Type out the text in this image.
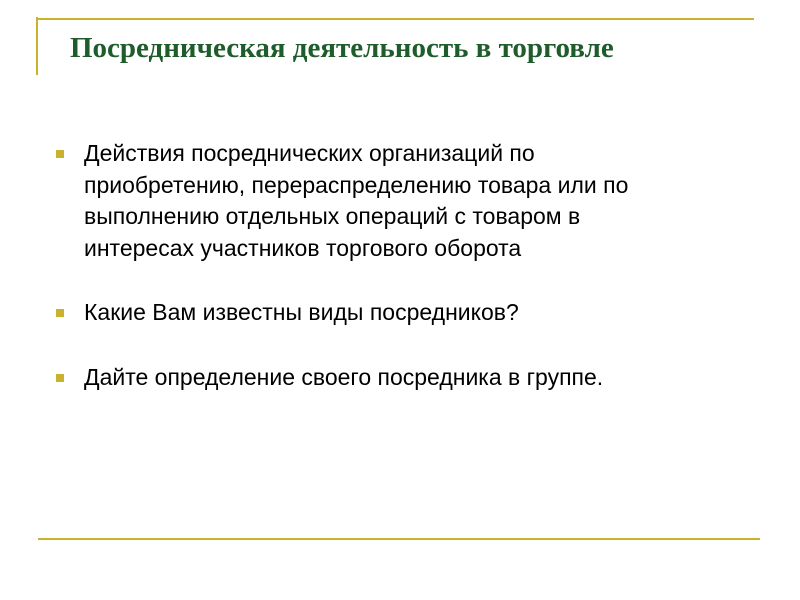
Посредническая деятельность в торговле
Действия посреднических организаций по
приобретению, перераспределению товара или по
выполнению отдельных операций с товаром в
интересах участников торгового оборота
Какие Вам известны виды посредников?
Дайте определение своего посредника в группе.
